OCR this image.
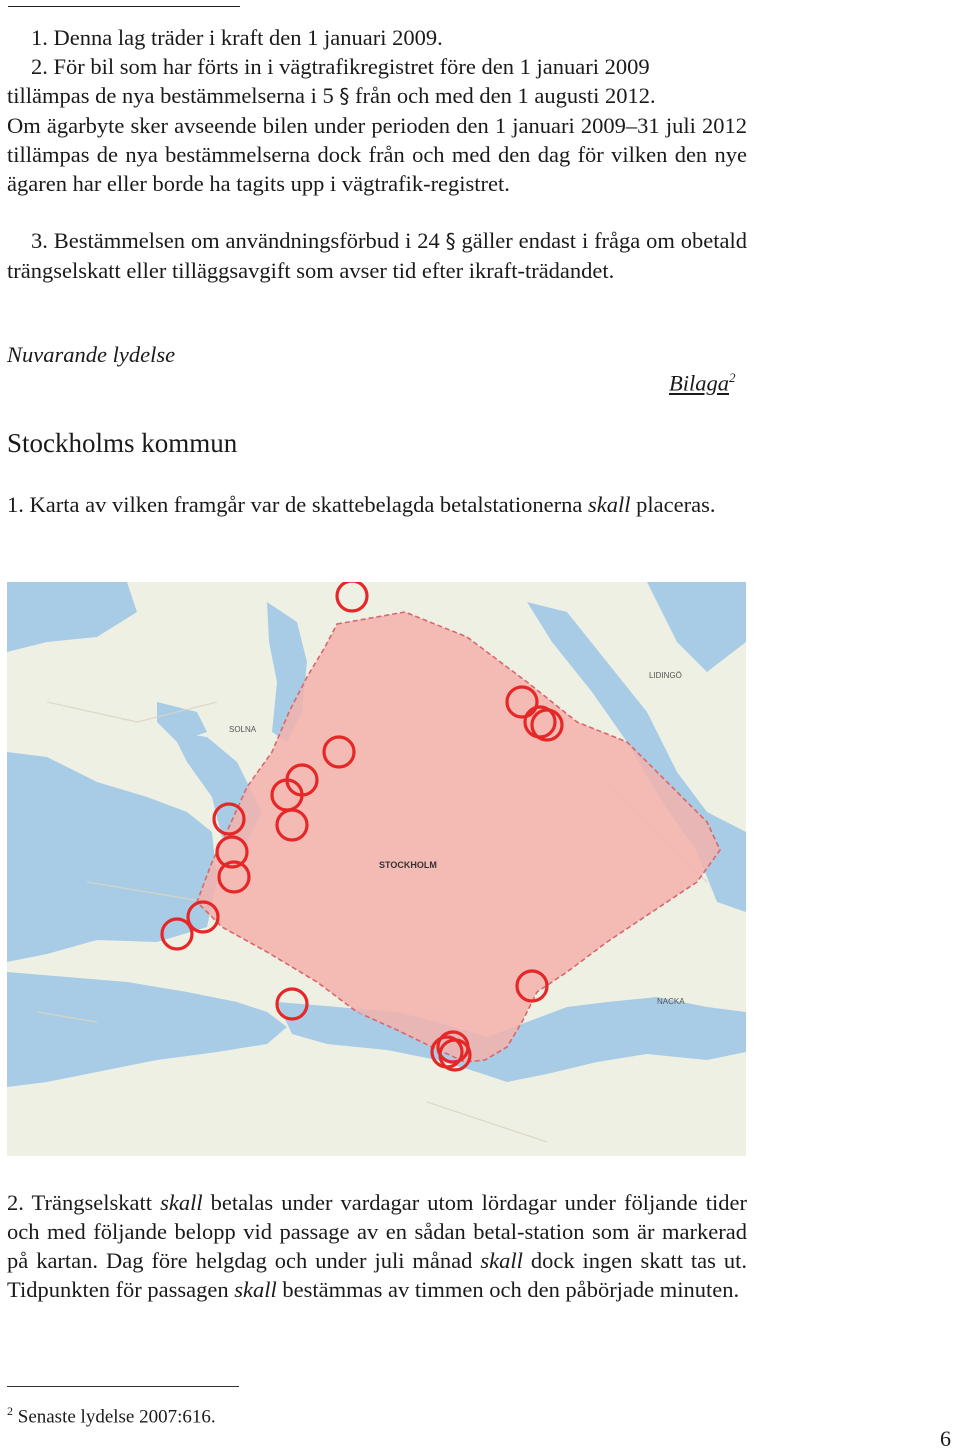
1. Denna lag träder i kraft den 1 januari 2009.
2. För bil som har förts in i vägtrafikregistret före den 1 januari 2009
tillämpas de nya bestämmelserna i 5 § från och med den 1 augusti 2012.
Om ägarbyte sker avseende bilen under perioden den 1 januari 2009–31 juli 2012 tillämpas de nya bestämmelserna dock från och med den dag för vilken den nye ägaren har eller borde ha tagits upp i vägtrafik-registret.
3. Bestämmelsen om användningsförbud i 24 § gäller endast i fråga om obetald trängselskatt eller tilläggsavgift som avser tid efter ikraft-trädandet.
Nuvarande lydelse
Bilaga$^2$
Stockholms kommun
1. Karta av vilken framgår var de skattebelagda betalstationerna skall placeras.
STOCKHOLM
SOLNA
LIDINGÖ
NACKA
2. Trängselskatt skall betalas under vardagar utom lördagar under följande tider och med följande belopp vid passage av en sådan betal-station som är markerad på kartan. Dag före helgdag och under juli månad skall dock ingen skatt tas ut. Tidpunkten för passagen skall bestämmas av timmen och den påbörjade minuten.
$^2$ Senaste lydelse 2007:616.
6
